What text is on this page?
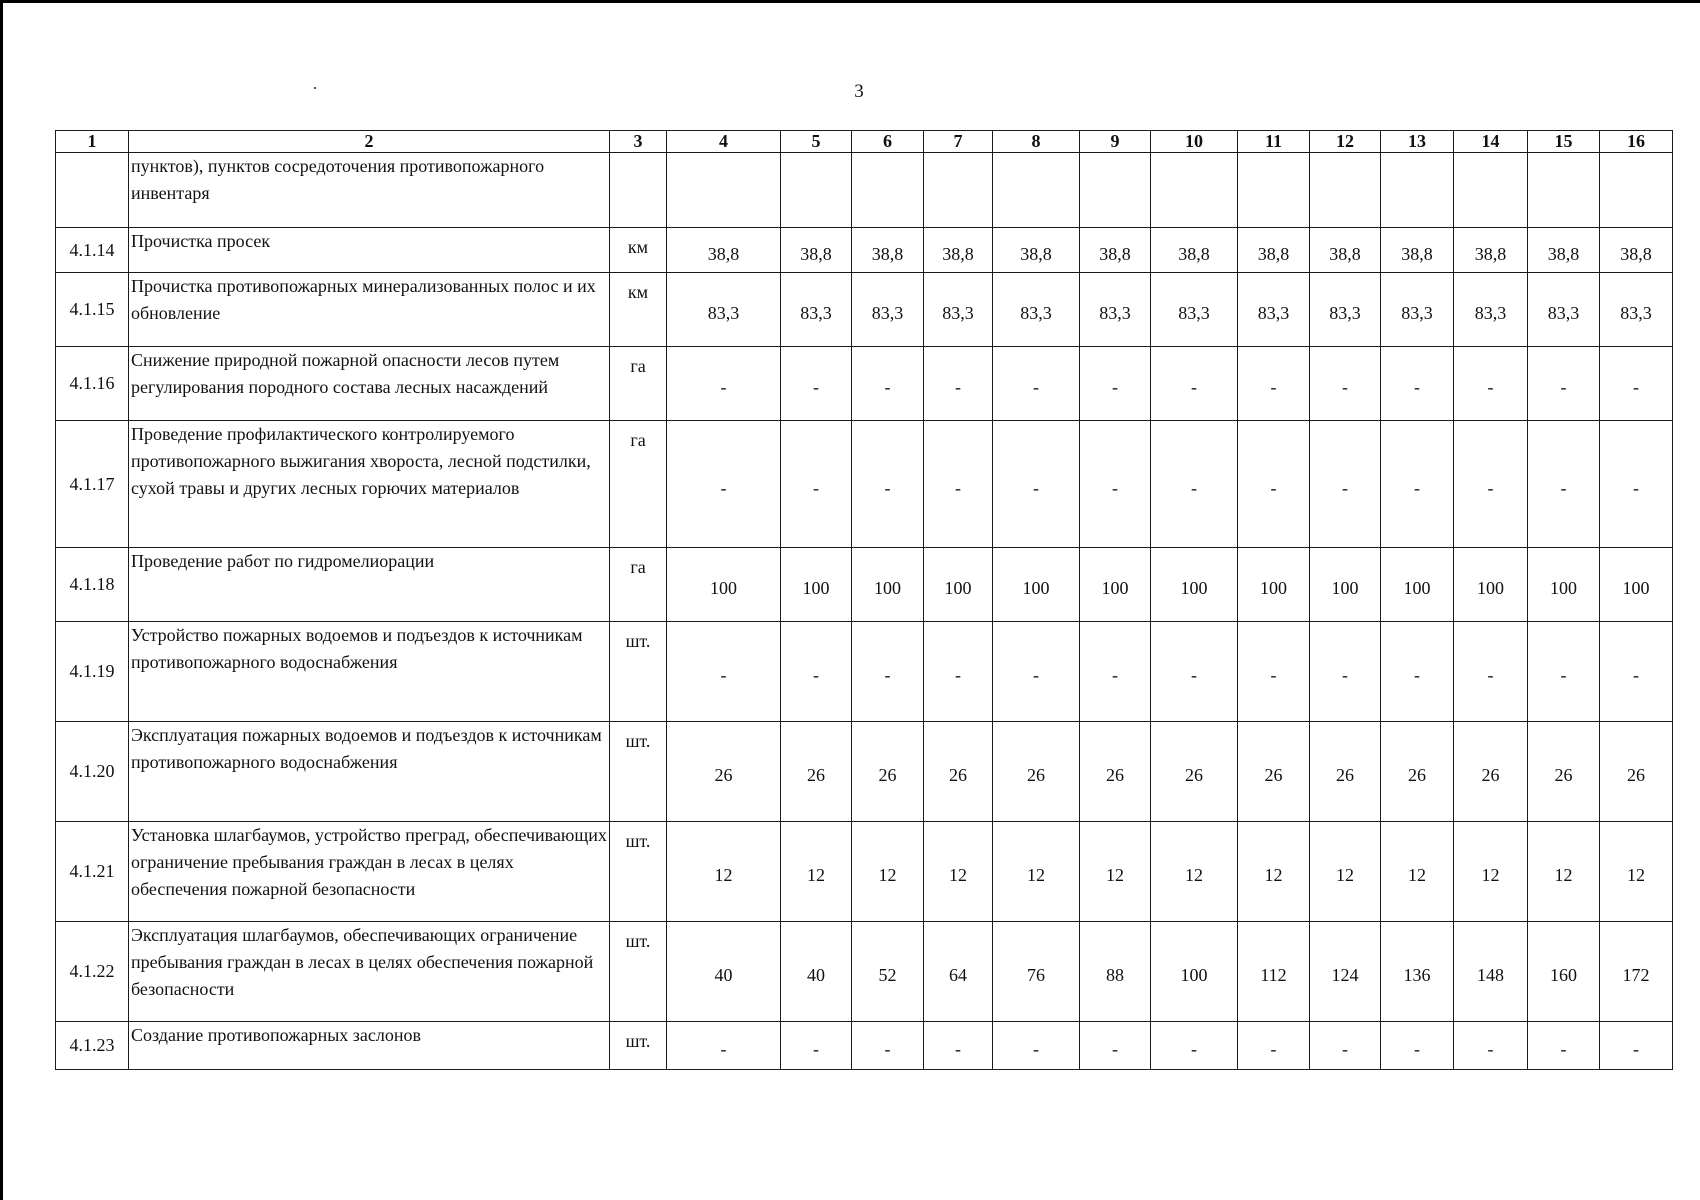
3
1	2	3	4	5	6	7	8	9	10	11	12	13	14	15	16
	пунктов), пунктов сосредоточения противопожарного инвентаря														
4.1.14	Прочистка просек	км	38,8	38,8	38,8	38,8	38,8	38,8	38,8	38,8	38,8	38,8	38,8	38,8	38,8
4.1.15	Прочистка противопожарных минерализованных полос и их обновление	км	83,3	83,3	83,3	83,3	83,3	83,3	83,3	83,3	83,3	83,3	83,3	83,3	83,3
4.1.16	Снижение природной пожарной опасности лесов путем регулирования породного состава лесных насаждений	га	-	-	-	-	-	-	-	-	-	-	-	-	-
4.1.17	Проведение профилактического контролируемого противопожарного выжигания хвороста, лесной подстилки, сухой травы и других лесных горючих материалов	га	-	-	-	-	-	-	-	-	-	-	-	-	-
4.1.18	Проведение работ по гидромелиорации	га	100	100	100	100	100	100	100	100	100	100	100	100	100
4.1.19	Устройство пожарных водоемов и подъездов к источникам противопожарного водоснабжения	шт.	-	-	-	-	-	-	-	-	-	-	-	-	-
4.1.20	Эксплуатация пожарных водоемов и подъездов к источникам противопожарного водоснабжения	шт.	26	26	26	26	26	26	26	26	26	26	26	26	26
4.1.21	Установка шлагбаумов, устройство преград, обеспечивающих ограничение пребывания граждан в лесах в целях обеспечения пожарной безопасности	шт.	12	12	12	12	12	12	12	12	12	12	12	12	12
4.1.22	Эксплуатация шлагбаумов, обеспечивающих ограничение пребывания граждан в лесах в целях обеспечения пожарной безопасности	шт.	40	40	52	64	76	88	100	112	124	136	148	160	172
4.1.23	Создание противопожарных заслонов	шт.	-	-	-	-	-	-	-	-	-	-	-	-	-
